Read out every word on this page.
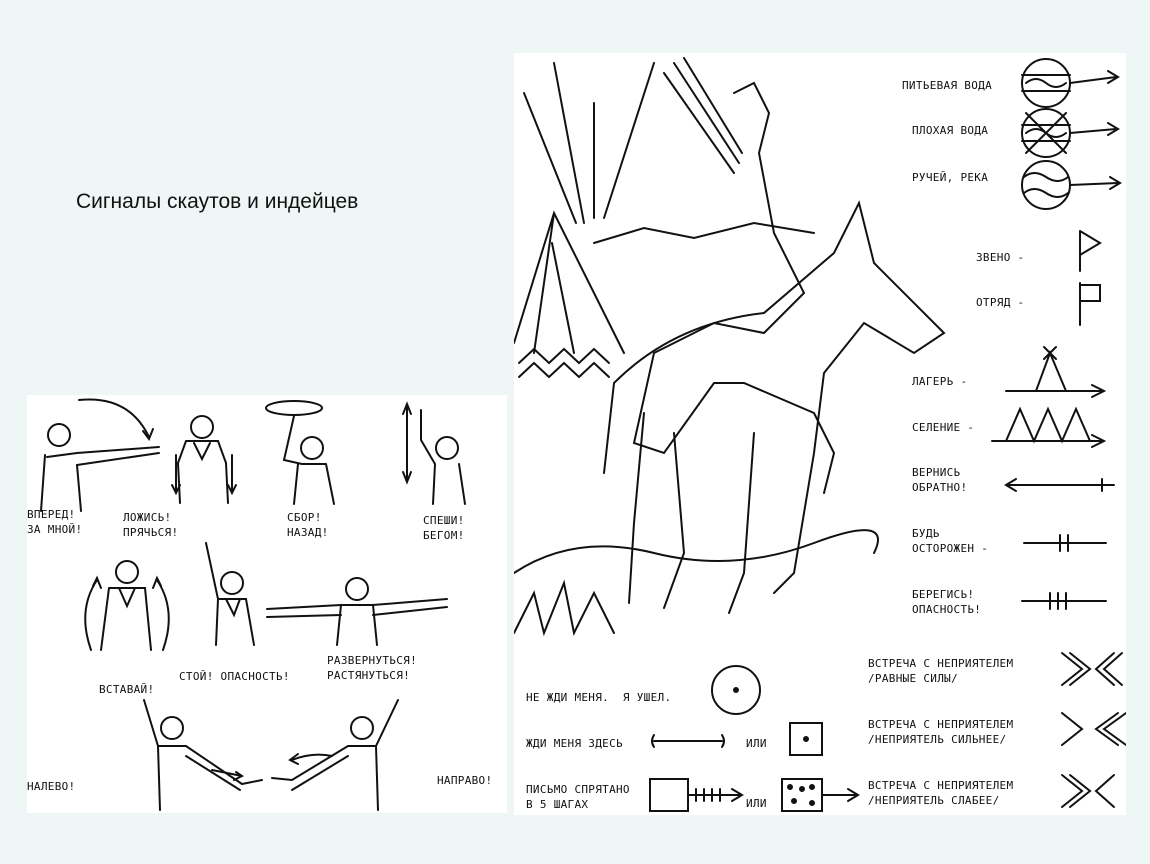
Сигналы скаутов и индейцев
ВПЕРЕД!
ЗА МНОЙ!
ЛОЖИСЬ!
ПРЯЧЬСЯ!
СБОР!
НАЗАД!
СПЕШИ!
БЕГОМ!
ВСТАВАЙ!
СТОЙ! ОПАСНОСТЬ!
РАЗВЕРНУТЬСЯ!
РАСТЯНУТЬСЯ!
НАЛЕВО!	НАПРАВО!
ПИТЬЕВАЯ ВОДА
ПЛОХАЯ ВОДА
РУЧЕЙ, РЕКА
ЗВЕНО -
ОТРЯД -
ЛАГЕРЬ -
СЕЛЕНИЕ -
ВЕРНИСЬ
ОБРАТНО!
БУДЬ
ОСТОРОЖЕН -
БЕРЕГИСЬ!
ОПАСНОСТЬ!
НЕ ЖДИ МЕНЯ.  Я УШЕЛ.
ЖДИ МЕНЯ ЗДЕСЬ	ИЛИ
ПИСЬМО СПРЯТАНО
В 5 ШАГАХ	ИЛИ
ВСТРЕЧА С НЕПРИЯТЕЛЕМ
/РАВНЫЕ СИЛЫ/
ВСТРЕЧА С НЕПРИЯТЕЛЕМ
/НЕПРИЯТЕЛЬ СИЛЬНЕЕ/
ВСТРЕЧА С НЕПРИЯТЕЛЕМ
/НЕПРИЯТЕЛЬ СЛАБЕЕ/
